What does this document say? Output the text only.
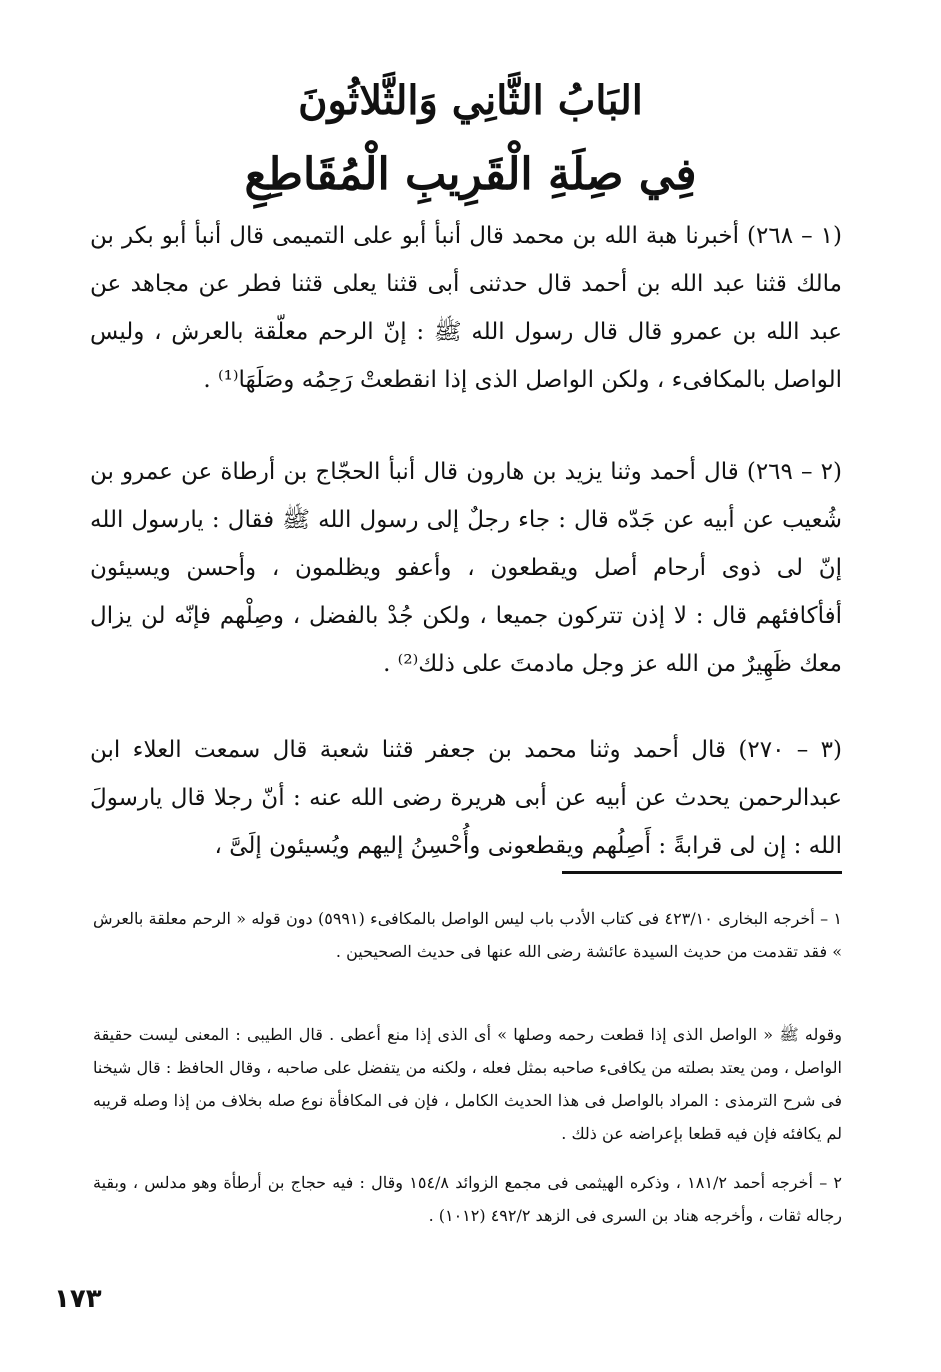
البَابُ الثَّانِي وَالثَّلاثُونَ
فِي صِلَةِ الْقَرِيبِ الْمُقَاطِعِ

(١ – ٢٦٨) أخبرنا هبة الله بن محمد قال أنبأ أبو على التميمى قال أنبأ أبو بكر بن مالك قثنا عبد الله بن أحمد قال حدثنى أبى قثنا يعلى قثنا فطر عن مجاهد عن عبد الله بن عمرو قال قال رسول الله ﷺ : إنّ الرحم معلّقة بالعرش ، وليس الواصل بالمكافىء ، ولكن الواصل الذى إذا انقطعتْ رَحِمُه وصَلَهَا⁽¹⁾ .

(٢ – ٢٦٩) قال أحمد وثنا يزيد بن هارون قال أنبأ الحجّاج بن أرطاة عن عمرو بن شُعيب عن أبيه عن جَدّه قال : جاء رجلٌ إلى رسول الله ﷺ فقال : يارسول الله إنّ لى ذوى أرحام أصل ويقطعون ، وأعفو ويظلمون ، وأحسن ويسيئون أفأكافئهم قال : لا إذن تتركون جميعا ، ولكن جُدْ بالفضل ، وصِلْهم فإنّه لن يزال معك ظَهِيرٌ من الله عز وجل مادمتَ على ذلك⁽²⁾ .

(٣ – ٢٧٠) قال أحمد وثنا محمد بن جعفر قثنا شعبة قال سمعت العلاء ابن عبدالرحمن يحدث عن أبيه عن أبى هريرة رضى الله عنه : أنّ رجلا قال يارسولَ الله : إن لى قرابةً : أَصِلُهم ويقطعونى وأُحْسِنُ إليهم ويُسيئون إلَىَّ ،

١ – أخرجه البخارى ٤٢٣/١٠ فى كتاب الأدب باب ليس الواصل بالمكافىء (٥٩٩١) دون قوله « الرحم معلقة بالعرش » فقد تقدمت من حديث السيدة عائشة رضى الله عنها فى حديث الصحيحين .

وقوله ﷺ « الواصل الذى إذا قطعت رحمه وصلها » أى الذى إذا منع أعطى . قال الطيبى : المعنى ليست حقيقة الواصل ، ومن يعتد بصلته من يكافىء صاحبه بمثل فعله ، ولكنه من يتفضل على صاحبه ، وقال الحافظ : قال شيخنا فى شرح الترمذى : المراد بالواصل فى هذا الحديث الكامل ، فإن فى المكافأة نوع صله بخلاف من إذا وصله قريبه لم يكافئه فإن فيه قطعا بإعراضه عن ذلك .

٢ – أخرجه أحمد ١٨١/٢ ، وذكره الهيثمى فى مجمع الزوائد ١٥٤/٨ وقال : فيه حجاج بن أرطأة وهو مدلس ، وبقية رجاله ثقات ، وأخرجه هناد بن السرى فى الزهد ٤٩٢/٢ (١٠١٢) .

١٧٣
